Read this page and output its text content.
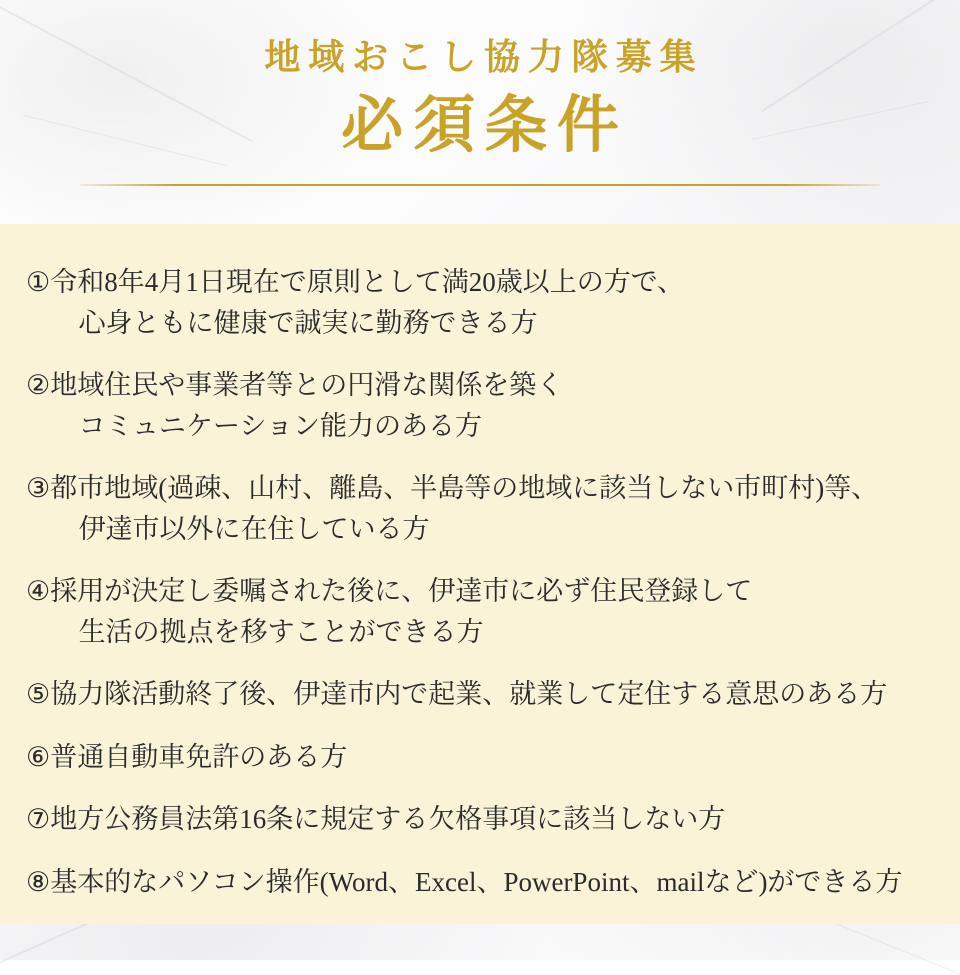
地域おこし協力隊募集
必須条件
① 令和8年4月1日現在で原則として満20歳以上の方で、
心身ともに健康で誠実に勤務できる方
② 地域住民や事業者等との円滑な関係を築く
コミュニケーション能力のある方
③ 都市地域(過疎、山村、離島、半島等の地域に該当しない市町村)等、
伊達市以外に在住している方
④ 採用が決定し委嘱された後に、伊達市に必ず住民登録して
生活の拠点を移すことができる方
⑤ 協力隊活動終了後、伊達市内で起業、就業して定住する意思のある方
⑥ 普通自動車免許のある方
⑦ 地方公務員法第16条に規定する欠格事項に該当しない方
⑧ 基本的なパソコン操作(Word、Excel、PowerPoint、mailなど)ができる方
